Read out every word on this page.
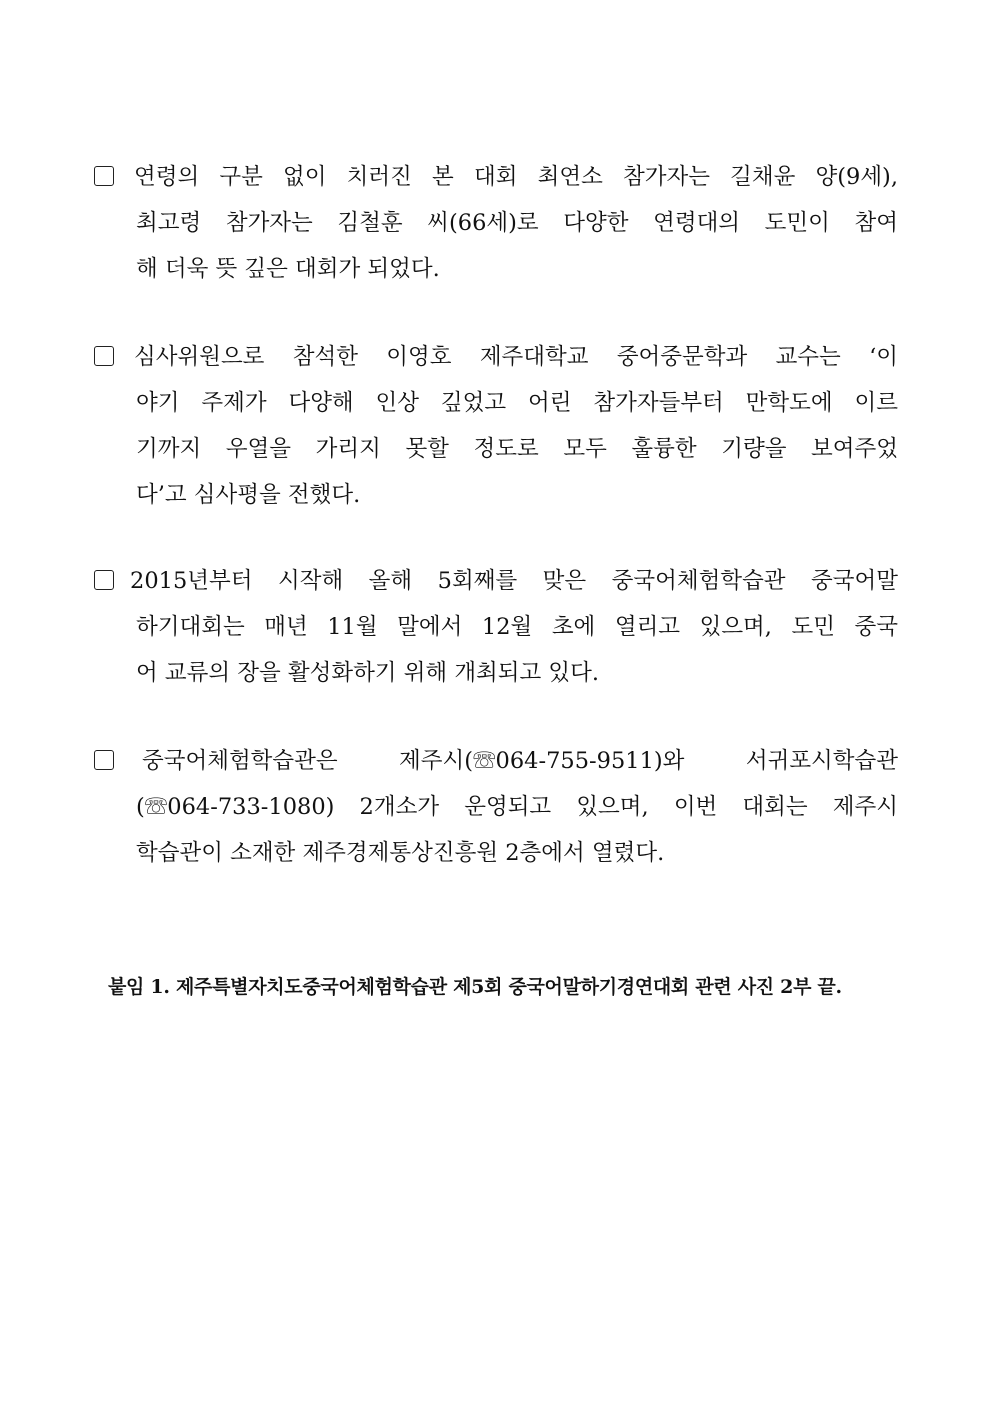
연령의 구분 없이 치러진 본 대회 최연소 참가자는 길채윤 양(9세),
최고령 참가자는 김철훈 씨(66세)로 다양한 연령대의 도민이 참여
해 더욱 뜻 깊은 대회가 되었다.
심사위원으로 참석한 이영호 제주대학교 중어중문학과 교수는 ‘이
야기 주제가 다양해 인상 깊었고 어린 참가자들부터 만학도에 이르
기까지 우열을 가리지 못할 정도로 모두 훌륭한 기량을 보여주었
다’고 심사평을 전했다.
2015년부터 시작해 올해 5회째를 맞은 중국어체험학습관 중국어말
하기대회는 매년 11월 말에서 12월 초에 열리고 있으며, 도민 중국
어 교류의 장을 활성화하기 위해 개최되고 있다.
중국어체험학습관은 제주시(☏064-755-9511)와 서귀포시학습관
(☏064-733-1080) 2개소가 운영되고 있으며, 이번 대회는 제주시
학습관이 소재한 제주경제통상진흥원 2층에서 열렸다.
붙임 1. 제주특별자치도중국어체험학습관 제5회 중국어말하기경연대회 관련 사진 2부 끝.
